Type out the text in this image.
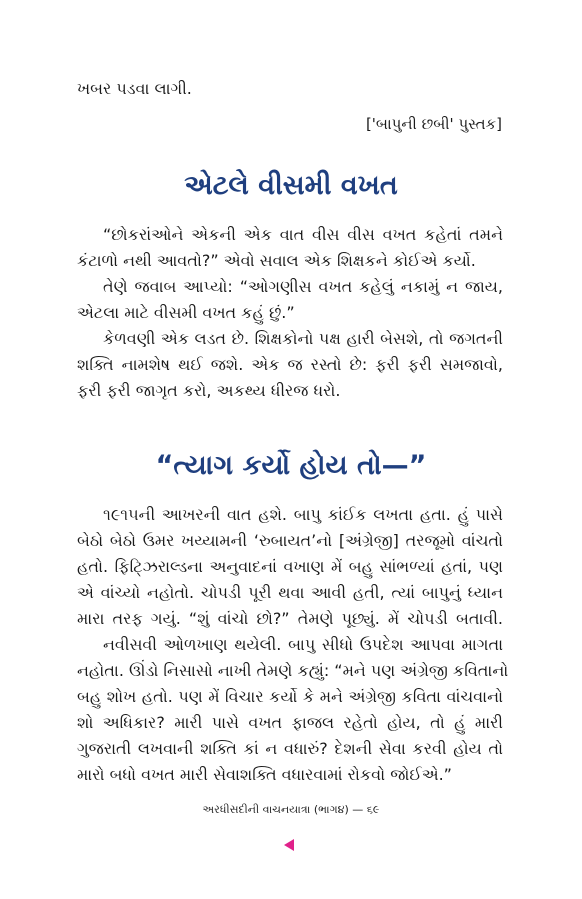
ખબર પડવા લાગી.
['બાપુની છબી' પુસ્તક]
એટલે વીસમી વખત
“છોકરાંઓને એકની એક વાત વીસ વીસ વખત કહેતાં તમને
કંટાળો નથી આવતો?” એવો સવાલ એક શિક્ષકને કોઈએ કર્યો.
તેણે જવાબ આપ્યો: “ઓગણીસ વખત કહેલું નકામું ન જાય,
એટલા માટે વીસમી વખત કહું છું.”
કેળવણી એક લડત છે. શિક્ષકોનો પક્ષ હારી બેસશે, તો જગતની
શક્તિ નામશેષ થઈ જશે. એક જ રસ્તો છે: ફરી ફરી સમજાવો,
ફરી ફરી જાગૃત કરો, અકથ્ય ધીરજ ધરો.
“ત્યાગ કર્યો હોય તો—”
૧૯૧૫ની આખરની વાત હશે. બાપુ કાંઈક લખતા હતા. હું પાસે
બેઠો બેઠો ઉમર ખય્યામની ‘રુબાયત’નો [અંગ્રેજી] તરજૂમો વાંચતો
હતો. ફિટ્ઝિરાલ્ડના અનુવાદનાં વખાણ મેં બહુ સાંભળ્યાં હતાં, પણ
એ વાંચ્યો નહોતો. ચોપડી પૂરી થવા આવી હતી, ત્યાં બાપુનું ધ્યાન
મારા તરફ ગયું. “શું વાંચો છો?” તેમણે પૂછ્યું. મેં ચોપડી બતાવી.
નવીસવી ઓળખાણ થયેલી. બાપુ સીધો ઉપદેશ આપવા માગતા
નહોતા. ઊંડો નિસાસો નાખી તેમણે કહ્યું: “મને પણ અંગ્રેજી કવિતાનો
બહુ શોખ હતો. પણ મેં વિચાર કર્યો કે મને અંગ્રેજી કવિતા વાંચવાનો
શો અધિકાર? મારી પાસે વખત ફાજલ રહેતો હોય, તો હું મારી
ગુજરાતી લખવાની શક્તિ કાં ન વધારું? દેશની સેવા કરવી હોય તો
મારો બધો વખત મારી સેવાશક્તિ વધારવામાં રોકવો જોઈએ.”
અરધીસદીની વાચનયાત્રા (ભાગ૪) — ૬૯
